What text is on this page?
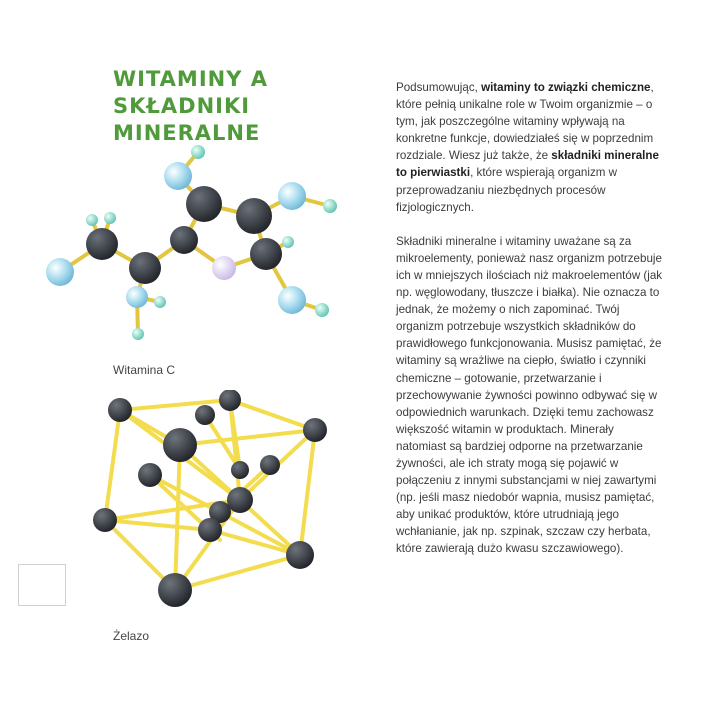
WITAMINY A SKŁADNIKI
MINERALNE
Witamina C
Żelazo

Podsumowując, witaminy to związki chemiczne, które pełnią unikalne role w Twoim organizmie – o tym, jak poszczególne witaminy wpływają na konkretne funkcje, dowiedziałeś się w poprzednim rozdziale. Wiesz już także, że składniki mineralne to pierwiastki, które wspierają organizm w przeprowadzaniu niezbędnych procesów fizjologicznych.

Składniki mineralne i witaminy uważane są za mikroelementy, ponieważ nasz organizm potrzebuje ich w mniejszych ilościach niż makroelementów (jak np. węglowodany, tłuszcze i białka). Nie oznacza to jednak, że możemy o nich zapominać. Twój organizm potrzebuje wszystkich składników do prawidłowego funkcjonowania. Musisz pamiętać, że witaminy są wrażliwe na ciepło, światło i czynniki chemiczne – gotowanie, przetwarzanie i przechowywanie żywności powinno odbywać się w odpowiednich warunkach. Dzięki temu zachowasz większość witamin w produktach. Minerały natomiast są bardziej odporne na przetwarzanie żywności, ale ich straty mogą się pojawić w połączeniu z innymi substancjami w niej zawartymi (np. jeśli masz niedobór wapnia, musisz pamiętać, aby unikać produktów, które utrudniają jego wchłanianie, jak np. szpinak, szczaw czy herbata, które zawierają dużo kwasu szczawiowego).
